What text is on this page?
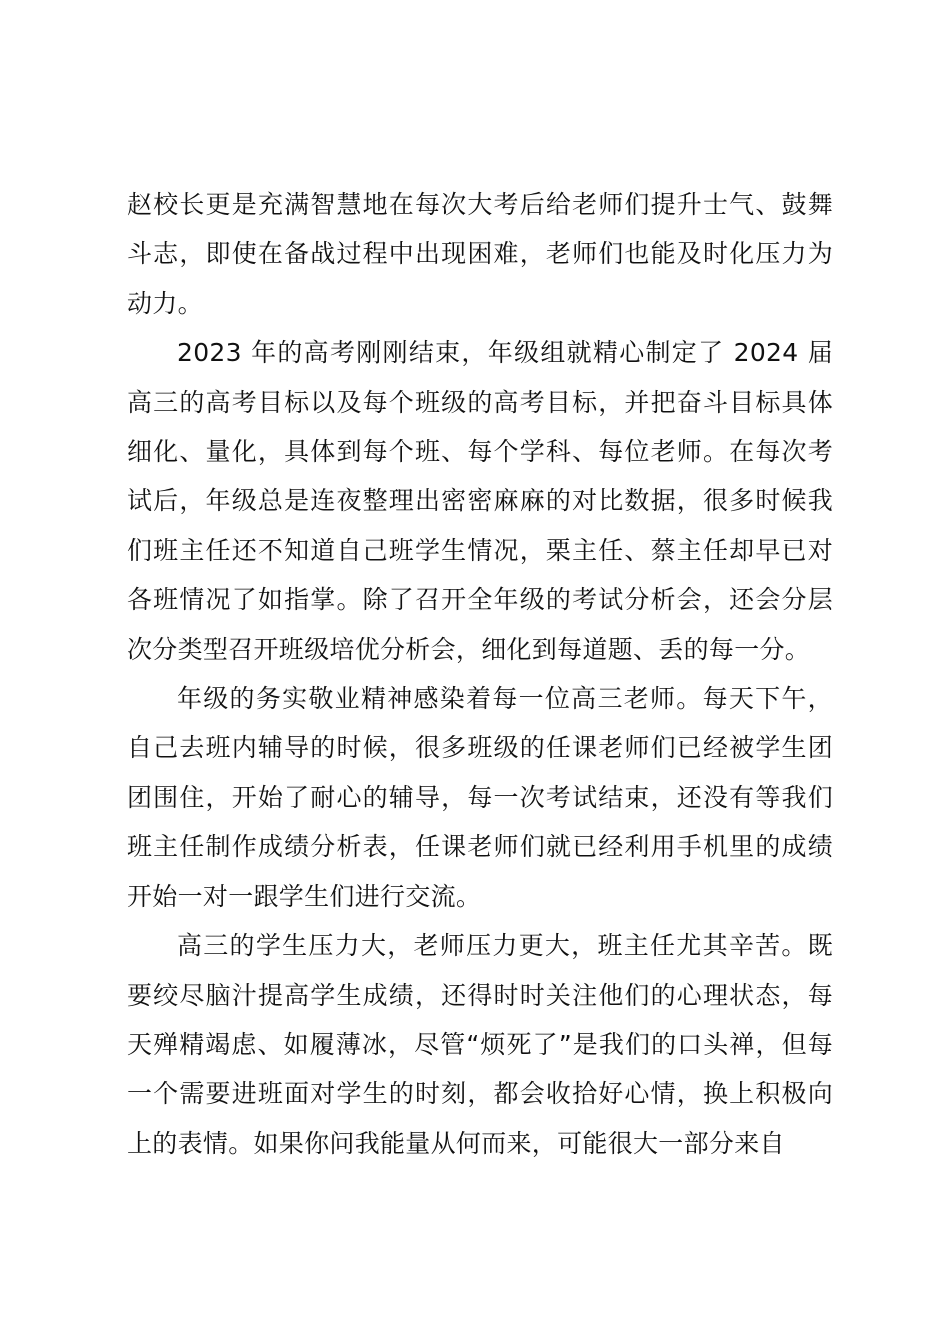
赵校长更是充满智慧地在每次大考后给老师们提升士气、鼓舞斗志，即使在备战过程中出现困难，老师们也能及时化压力为动力。

2023 年的高考刚刚结束，年级组就精心制定了 2024 届高三的高考目标以及每个班级的高考目标，并把奋斗目标具体细化、量化，具体到每个班、每个学科、每位老师。在每次考试后，年级总是连夜整理出密密麻麻的对比数据，很多时候我们班主任还不知道自己班学生情况，栗主任、蔡主任却早已对各班情况了如指掌。除了召开全年级的考试分析会，还会分层次分类型召开班级培优分析会，细化到每道题、丢的每一分。

年级的务实敬业精神感染着每一位高三老师。每天下午，自己去班内辅导的时候，很多班级的任课老师们已经被学生团团围住，开始了耐心的辅导，每一次考试结束，还没有等我们班主任制作成绩分析表，任课老师们就已经利用手机里的成绩开始一对一跟学生们进行交流。

高三的学生压力大，老师压力更大，班主任尤其辛苦。既要绞尽脑汁提高学生成绩，还得时时关注他们的心理状态，每天殚精竭虑、如履薄冰，尽管“烦死了”是我们的口头禅，但每一个需要进班面对学生的时刻，都会收拾好心情，换上积极向上的表情。如果你问我能量从何而来，可能很大一部分来自
